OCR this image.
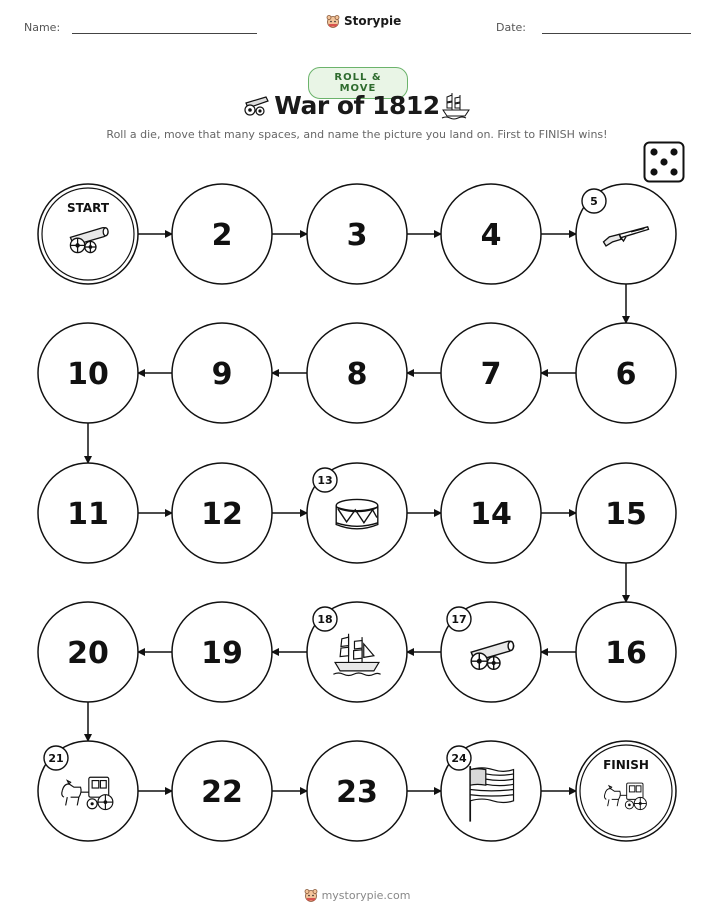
Name:	Storypie	Date:
ROLL & MOVE
War of 1812
Roll a die, move that many spaces, and name the picture you land on. First to FINISH wins!
START
2	3	4
5
6
7
8
9
10
11	12
13
14	15
16
17
18
19
20
21
22	23
24	FINISH
mystorypie.com
